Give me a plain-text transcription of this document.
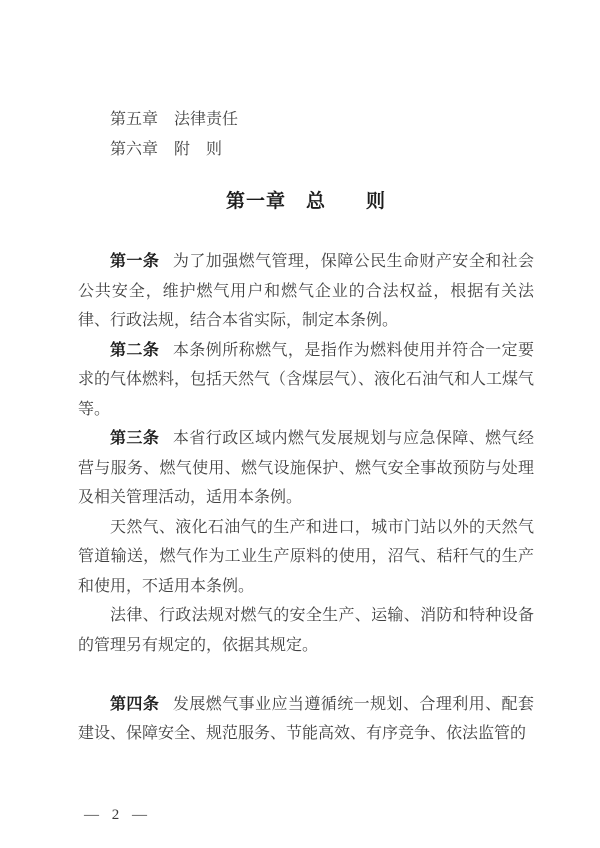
第五章　法律责任
第六章　附　则
第一章　总　　则

第一条 为了加强燃气管理，保障公民生命财产安全和社会公共安全，维护燃气用户和燃气企业的合法权益，根据有关法律、行政法规，结合本省实际，制定本条例。

第二条 本条例所称燃气，是指作为燃料使用并符合一定要求的气体燃料，包括天然气（含煤层气）、液化石油气和人工煤气等。

第三条 本省行政区域内燃气发展规划与应急保障、燃气经营与服务、燃气使用、燃气设施保护、燃气安全事故预防与处理及相关管理活动，适用本条例。

天然气、液化石油气的生产和进口，城市门站以外的天然气管道输送，燃气作为工业生产原料的使用，沼气、秸秆气的生产和使用，不适用本条例。

法律、行政法规对燃气的安全生产、运输、消防和特种设备的管理另有规定的，依据其规定。

第四条 发展燃气事业应当遵循统一规划、合理利用、配套建设、保障安全、规范服务、节能高效、有序竞争、依法监管的

— 2 —
